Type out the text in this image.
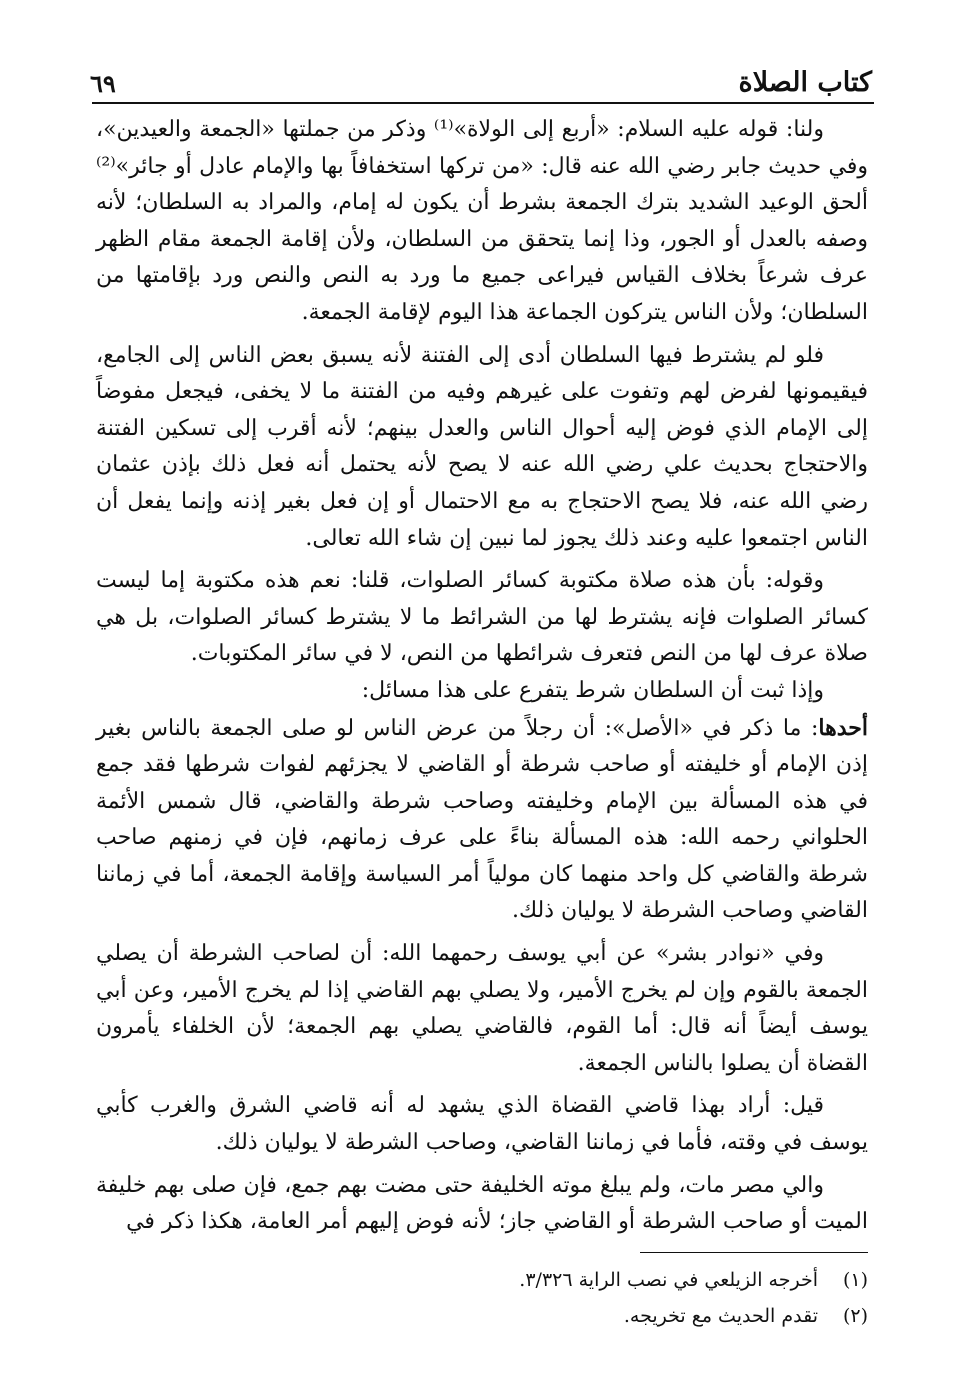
كتاب الصلاة
٦٩

ولنا: قوله عليه السلام: «أربع إلى الولاة»⁽¹⁾ وذكر من جملتها «الجمعة والعيدين»، وفي حديث جابر رضي الله عنه قال: «من تركها استخفافاً بها والإمام عادل أو جائر»⁽²⁾ ألحق الوعيد الشديد بترك الجمعة بشرط أن يكون له إمام، والمراد به السلطان؛ لأنه وصفه بالعدل أو الجور، وذا إنما يتحقق من السلطان، ولأن إقامة الجمعة مقام الظهر عرف شرعاً بخلاف القياس فيراعى جميع ما ورد به النص والنص ورد بإقامتها من السلطان؛ ولأن الناس يتركون الجماعة هذا اليوم لإقامة الجمعة.

فلو لم يشترط فيها السلطان أدى إلى الفتنة لأنه يسبق بعض الناس إلى الجامع، فيقيمونها لفرض لهم وتفوت على غيرهم وفيه من الفتنة ما لا يخفى، فيجعل مفوضاً إلى الإمام الذي فوض إليه أحوال الناس والعدل بينهم؛ لأنه أقرب إلى تسكين الفتنة والاحتجاج بحديث علي رضي الله عنه لا يصح لأنه يحتمل أنه فعل ذلك بإذن عثمان رضي الله عنه، فلا يصح الاحتجاج به مع الاحتمال أو إن فعل بغير إذنه وإنما يفعل أن الناس اجتمعوا عليه وعند ذلك يجوز لما نبين إن شاء الله تعالى.

وقوله: بأن هذه صلاة مكتوبة كسائر الصلوات، قلنا: نعم هذه مكتوبة إما ليست كسائر الصلوات فإنه يشترط لها من الشرائط ما لا يشترط كسائر الصلوات، بل هي صلاة عرف لها من النص فتعرف شرائطها من النص، لا في سائر المكتوبات.

وإذا ثبت أن السلطان شرط يتفرع على هذا مسائل:

أحدها: ما ذكر في «الأصل»: أن رجلاً من عرض الناس لو صلى الجمعة بالناس بغير إذن الإمام أو خليفته أو صاحب شرطة أو القاضي لا يجزئهم لفوات شرطها فقد جمع في هذه المسألة بين الإمام وخليفته وصاحب شرطة والقاضي، قال شمس الأئمة الحلواني رحمه الله: هذه المسألة بناءً على عرف زمانهم، فإن في زمنهم صاحب شرطة والقاضي كل واحد منهما كان مولياً أمر السياسة وإقامة الجمعة، أما في زماننا القاضي وصاحب الشرطة لا يوليان ذلك.

وفي «نوادر بشر» عن أبي يوسف رحمهما الله: أن لصاحب الشرطة أن يصلي الجمعة بالقوم وإن لم يخرج الأمير، ولا يصلي بهم القاضي إذا لم يخرج الأمير، وعن أبي يوسف أيضاً أنه قال: أما القوم، فالقاضي يصلي بهم الجمعة؛ لأن الخلفاء يأمرون القضاة أن يصلوا بالناس الجمعة.

قيل: أراد بهذا قاضي القضاة الذي يشهد له أنه قاضي الشرق والغرب كأبي يوسف في وقته، فأما في زماننا القاضي، وصاحب الشرطة لا يوليان ذلك.

والي مصر مات، ولم يبلغ موته الخليفة حتى مضت بهم جمع، فإن صلى بهم خليفة الميت أو صاحب الشرطة أو القاضي جاز؛ لأنه فوض إليهم أمر العامة، هكذا ذكر في

(١)
أخرجه الزيلعي في نصب الراية ٣/٣٢٦.
(٢)
تقدم الحديث مع تخريجه.
